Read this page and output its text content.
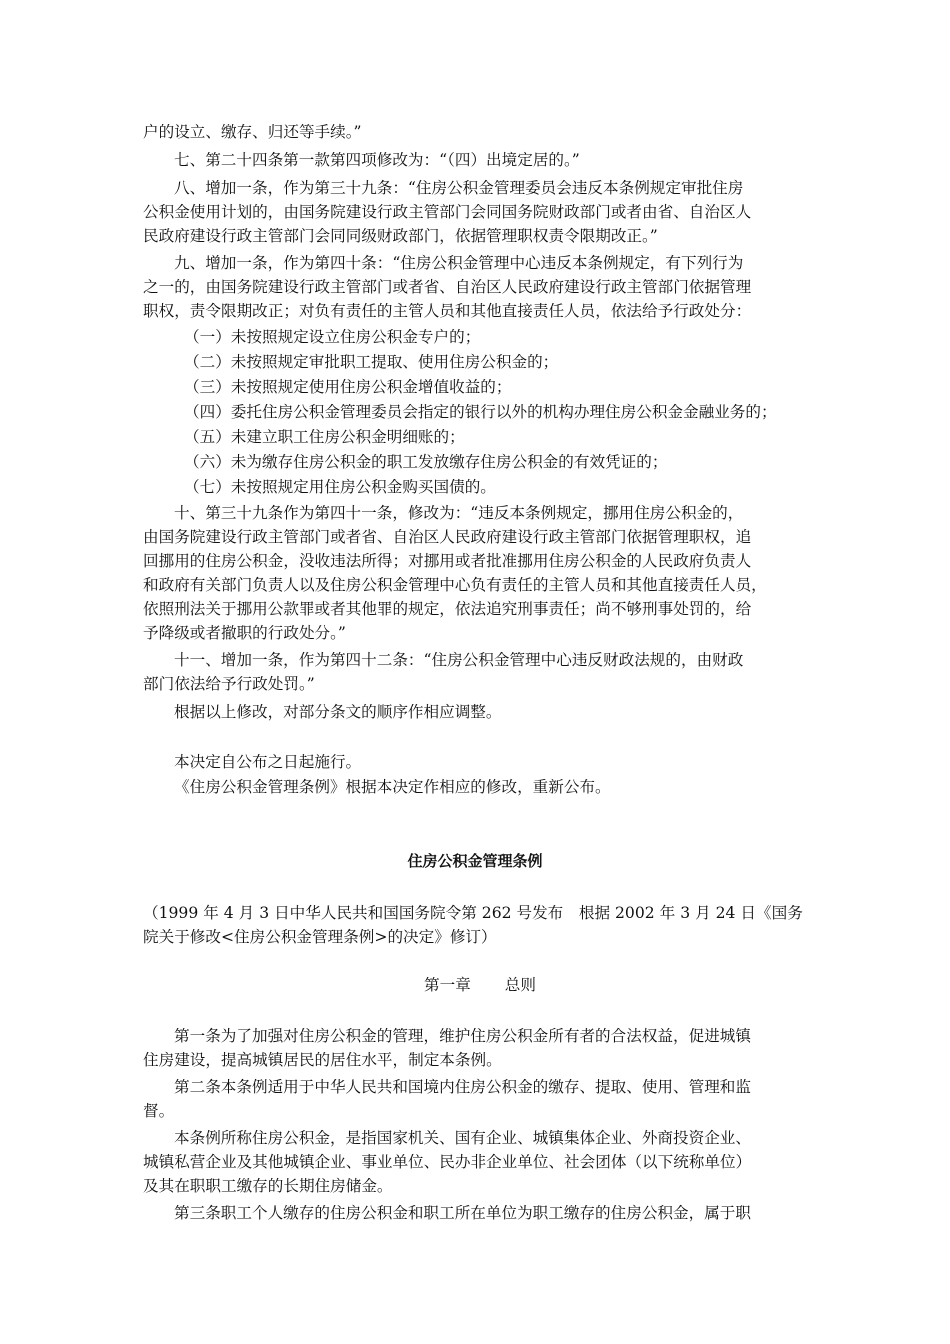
户的设立、缴存、归还等手续。”
七、第二十四条第一款第四项修改为：“（四）出境定居的。”
八、增加一条，作为第三十九条：“住房公积金管理委员会违反本条例规定审批住房
公积金使用计划的，由国务院建设行政主管部门会同国务院财政部门或者由省、自治区人
民政府建设行政主管部门会同同级财政部门，依据管理职权责令限期改正。”
九、增加一条，作为第四十条：“住房公积金管理中心违反本条例规定，有下列行为
之一的，由国务院建设行政主管部门或者省、自治区人民政府建设行政主管部门依据管理
职权，责令限期改正；对负有责任的主管人员和其他直接责任人员，依法给予行政处分：
（一）未按照规定设立住房公积金专户的；
（二）未按照规定审批职工提取、使用住房公积金的；
（三）未按照规定使用住房公积金增值收益的；
（四）委托住房公积金管理委员会指定的银行以外的机构办理住房公积金金融业务的；
（五）未建立职工住房公积金明细账的；
（六）未为缴存住房公积金的职工发放缴存住房公积金的有效凭证的；
（七）未按照规定用住房公积金购买国债的。
十、第三十九条作为第四十一条，修改为：“违反本条例规定，挪用住房公积金的，
由国务院建设行政主管部门或者省、自治区人民政府建设行政主管部门依据管理职权，追
回挪用的住房公积金，没收违法所得；对挪用或者批准挪用住房公积金的人民政府负责人
和政府有关部门负责人以及住房公积金管理中心负有责任的主管人员和其他直接责任人员，
依照刑法关于挪用公款罪或者其他罪的规定，依法追究刑事责任；尚不够刑事处罚的，给
予降级或者撤职的行政处分。”
十一、增加一条，作为第四十二条：“住房公积金管理中心违反财政法规的，由财政
部门依法给予行政处罚。”
根据以上修改，对部分条文的顺序作相应调整。
本决定自公布之日起施行。
《住房公积金管理条例》根据本决定作相应的修改，重新公布。
住房公积金管理条例
（1999 年 4 月 3 日中华人民共和国国务院令第 262 号发布　根据 2002 年 3 月 24 日《国务
院关于修改<住房公积金管理条例>的决定》修订）
第一章 总则
第一条为了加强对住房公积金的管理，维护住房公积金所有者的合法权益，促进城镇
住房建设，提高城镇居民的居住水平，制定本条例。
第二条本条例适用于中华人民共和国境内住房公积金的缴存、提取、使用、管理和监
督。
本条例所称住房公积金，是指国家机关、国有企业、城镇集体企业、外商投资企业、
城镇私营企业及其他城镇企业、事业单位、民办非企业单位、社会团体（以下统称单位）
及其在职职工缴存的长期住房储金。
第三条职工个人缴存的住房公积金和职工所在单位为职工缴存的住房公积金，属于职
